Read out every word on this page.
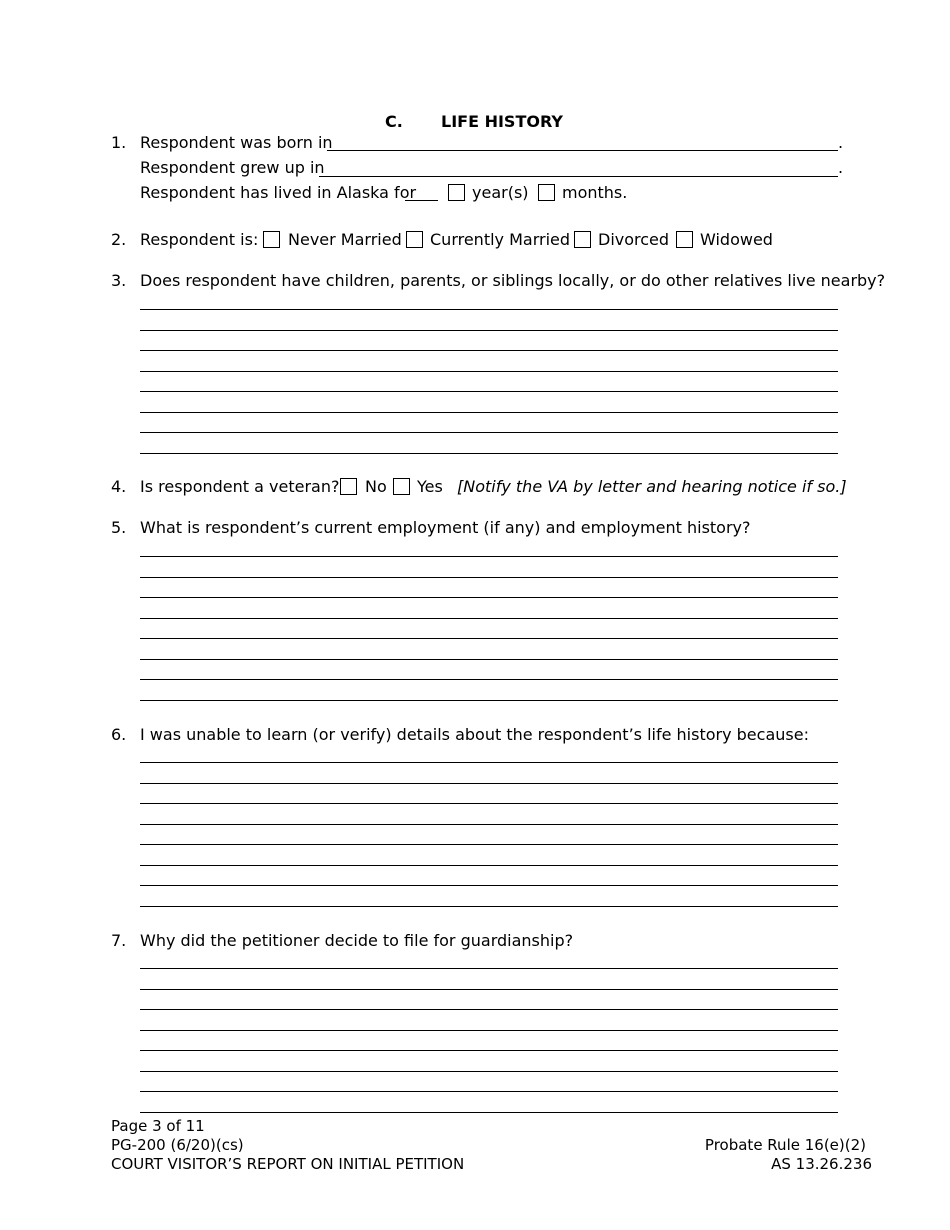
C. LIFE HISTORY
1. Respondent was born in	.
Respondent grew up in	.
Respondent has lived in Alaska for	year(s) months.
2. Respondent is: Never Married Currently Married Divorced Widowed
3. Does respondent have children, parents, or siblings locally, or do other relatives live nearby?
4. Is respondent a veteran? No Yes [Notify the VA by letter and hearing notice if so.]
5. What is respondent’s current employment (if any) and employment history?
6. I was unable to learn (or verify) details about the respondent’s life history because:
7. Why did the petitioner decide to file for guardianship?
Page 3 of 11
PG-200 (6/20)(cs)
COURT VISITOR’S REPORT ON INITIAL PETITION
Probate Rule 16(e)(2)
AS 13.26.236
